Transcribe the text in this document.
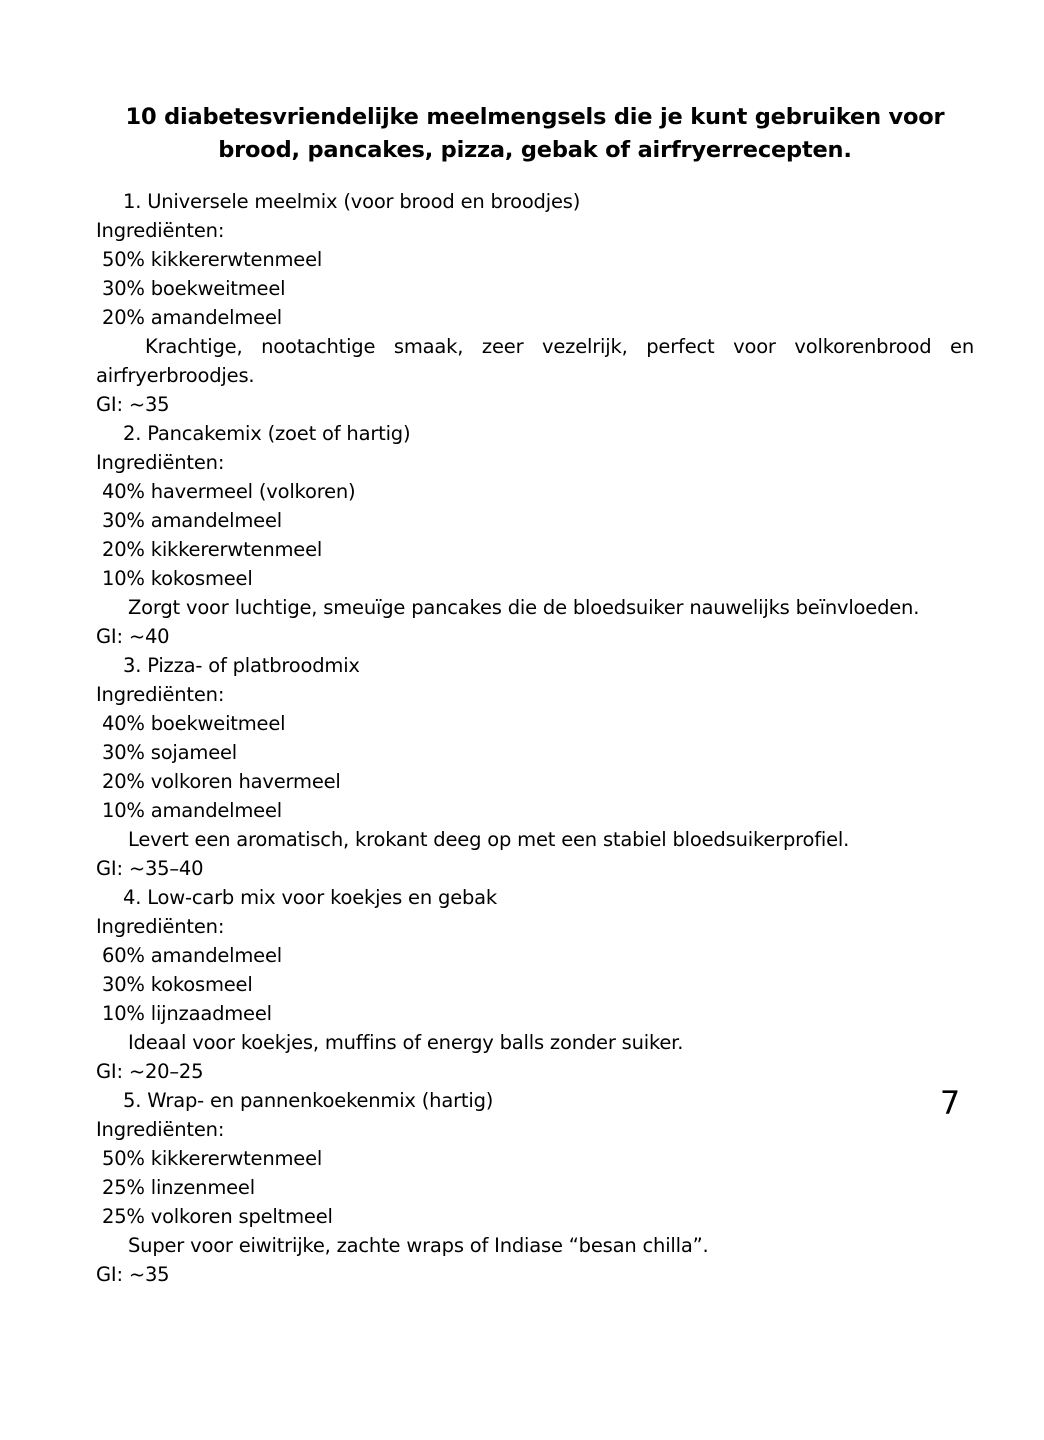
10 diabetesvriendelijke meelmengsels die je kunt gebruiken voor brood, pancakes, pizza, gebak of airfryerrecepten.
1. Universele meelmix (voor brood en broodjes)
Ingrediënten:
50% kikkererwtenmeel
30% boekweitmeel
20% amandelmeel
Krachtige, nootachtige smaak, zeer vezelrijk, perfect voor volkorenbrood en airfryerbroodjes.
GI: ~35
2. Pancakemix (zoet of hartig)
Ingrediënten:
40% havermeel (volkoren)
30% amandelmeel
20% kikkererwtenmeel
10% kokosmeel
Zorgt voor luchtige, smeuïge pancakes die de bloedsuiker nauwelijks beïnvloeden.
GI: ~40
3. Pizza- of platbroodmix
Ingrediënten:
40% boekweitmeel
30% sojameel
20% volkoren havermeel
10% amandelmeel
Levert een aromatisch, krokant deeg op met een stabiel bloedsuikerprofiel.
GI: ~35–40
4. Low-carb mix voor koekjes en gebak
Ingrediënten:
60% amandelmeel
30% kokosmeel
10% lijnzaadmeel
Ideaal voor koekjes, muffins of energy balls zonder suiker.
GI: ~20–25
5. Wrap- en pannenkoekenmix (hartig)
Ingrediënten:
50% kikkererwtenmeel
25% linzenmeel
25% volkoren speltmeel
Super voor eiwitrijke, zachte wraps of Indiase “besan chilla”.
GI: ~35
7
